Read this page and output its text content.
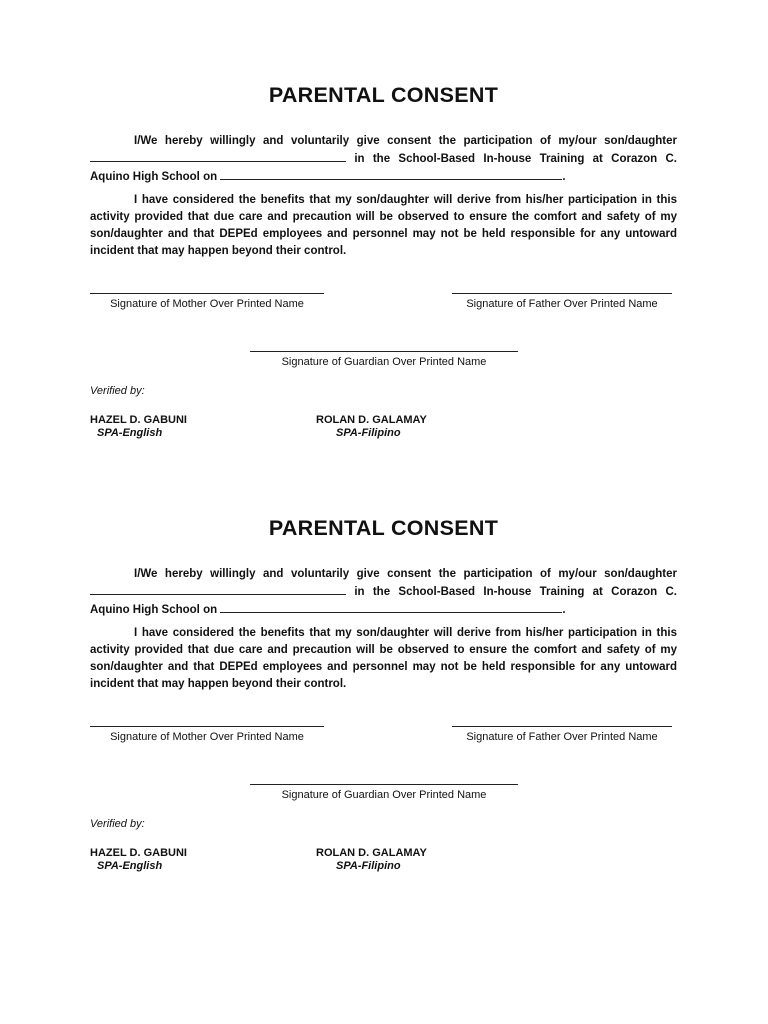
PARENTAL CONSENT

I/We hereby willingly and voluntarily give consent the participation of my/our son/daughter  in the School-Based In-house Training at Corazon C. Aquino High School on	.

I have considered the benefits that my son/daughter will derive from his/her participation in this activity provided that due care and precaution will be observed to ensure the comfort and safety of my son/daughter and that DEPEd employees and personnel may not be held responsible for any untoward incident that may happen beyond their control.

Signature of Mother Over Printed Name	Signature of Father Over Printed Name
Signature of Guardian Over Printed Name
Verified by:
HAZEL D. GABUNI
SPA-English
ROLAN D. GALAMAY
SPA-Filipino
PARENTAL CONSENT

I/We hereby willingly and voluntarily give consent the participation of my/our son/daughter  in the School-Based In-house Training at Corazon C. Aquino High School on	.

I have considered the benefits that my son/daughter will derive from his/her participation in this activity provided that due care and precaution will be observed to ensure the comfort and safety of my son/daughter and that DEPEd employees and personnel may not be held responsible for any untoward incident that may happen beyond their control.

Signature of Mother Over Printed Name	Signature of Father Over Printed Name
Signature of Guardian Over Printed Name
Verified by:
HAZEL D. GABUNI
SPA-English
ROLAN D. GALAMAY
SPA-Filipino
